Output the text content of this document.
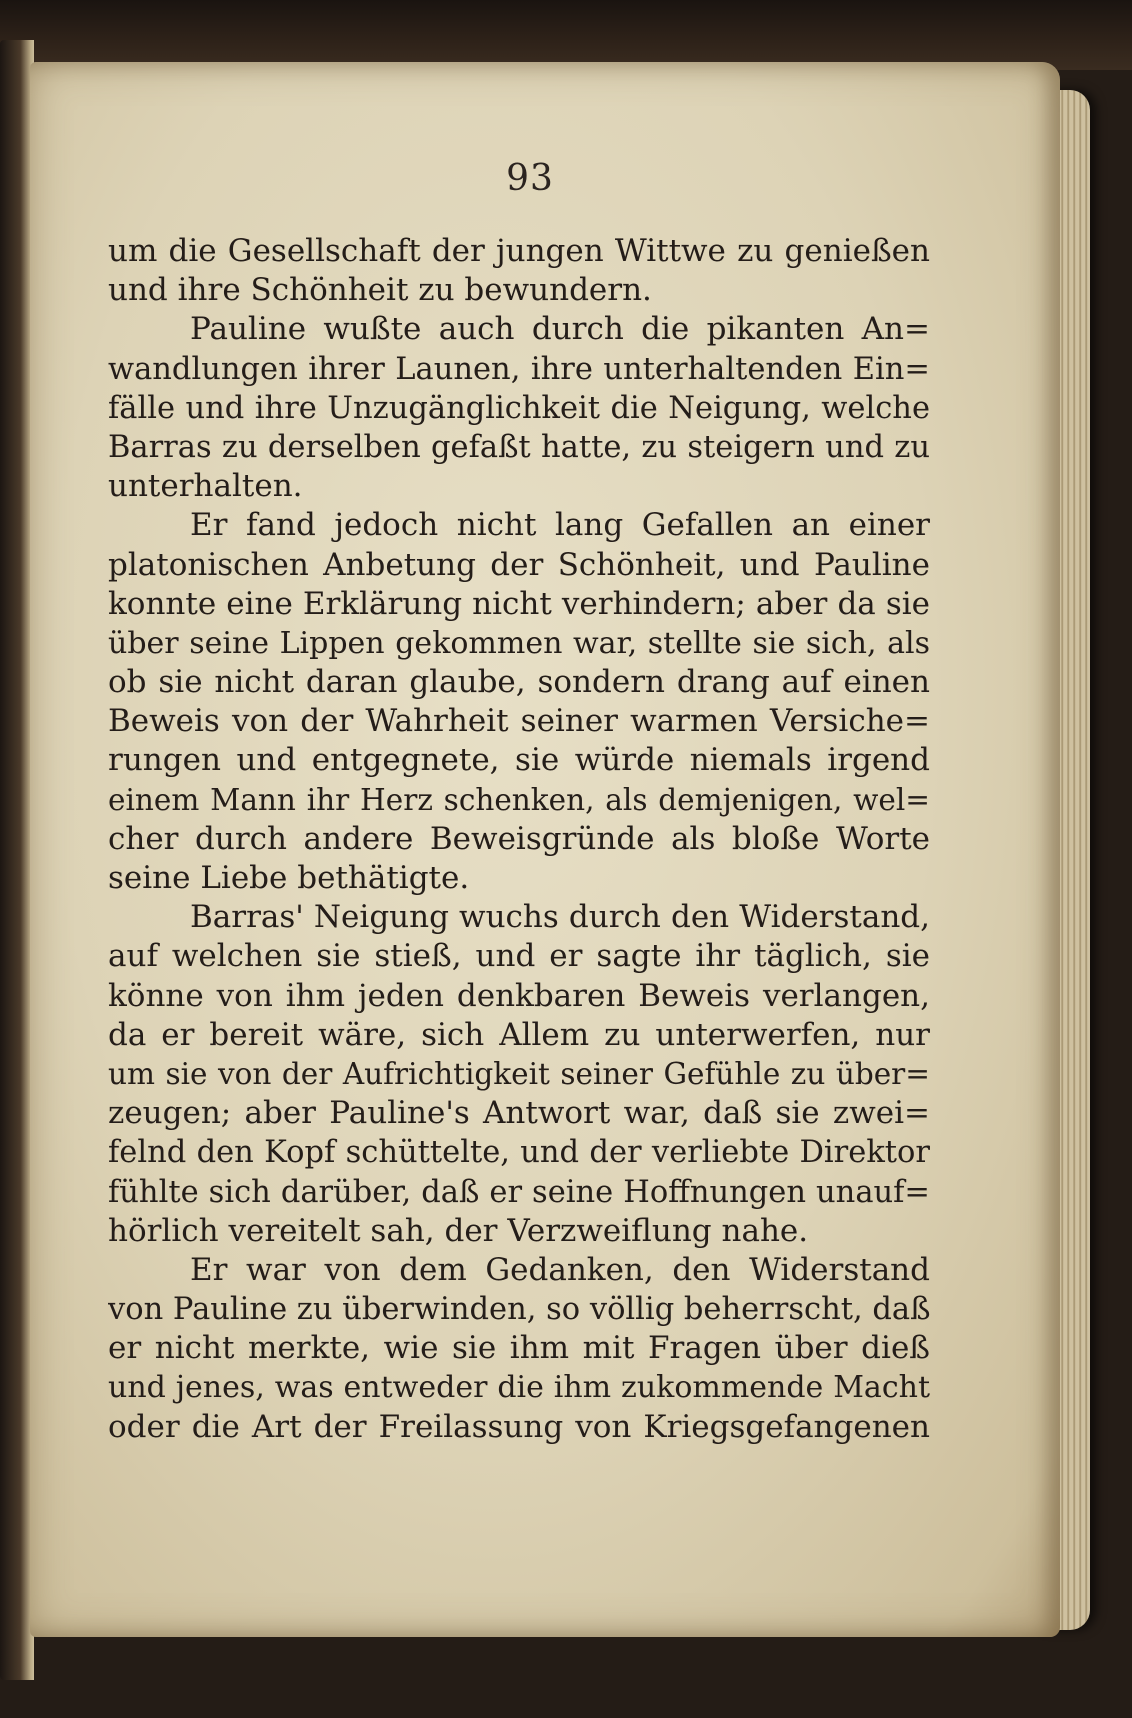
93
um die Gesellschaft der jungen Wittwe zu genießen
und ihre Schönheit zu bewundern.
Pauline wußte auch durch die pikanten An=
wandlungen ihrer Launen, ihre unterhaltenden Ein=
fälle und ihre Unzugänglichkeit die Neigung, welche
Barras zu derselben gefaßt hatte, zu steigern und zu
unterhalten.
Er fand jedoch nicht lang Gefallen an einer
platonischen Anbetung der Schönheit, und Pauline
konnte eine Erklärung nicht verhindern; aber da sie
über seine Lippen gekommen war, stellte sie sich, als
ob sie nicht daran glaube, sondern drang auf einen
Beweis von der Wahrheit seiner warmen Versiche=
rungen und entgegnete, sie würde niemals irgend
einem Mann ihr Herz schenken, als demjenigen, wel=
cher durch andere Beweisgründe als bloße Worte
seine Liebe bethätigte.
Barras' Neigung wuchs durch den Widerstand,
auf welchen sie stieß, und er sagte ihr täglich, sie
könne von ihm jeden denkbaren Beweis verlangen,
da er bereit wäre, sich Allem zu unterwerfen, nur
um sie von der Aufrichtigkeit seiner Gefühle zu über=
zeugen; aber Pauline's Antwort war, daß sie zwei=
felnd den Kopf schüttelte, und der verliebte Direktor
fühlte sich darüber, daß er seine Hoffnungen unauf=
hörlich vereitelt sah, der Verzweiflung nahe.
Er war von dem Gedanken, den Widerstand
von Pauline zu überwinden, so völlig beherrscht, daß
er nicht merkte, wie sie ihm mit Fragen über dieß
und jenes, was entweder die ihm zukommende Macht
oder die Art der Freilassung von Kriegsgefangenen
